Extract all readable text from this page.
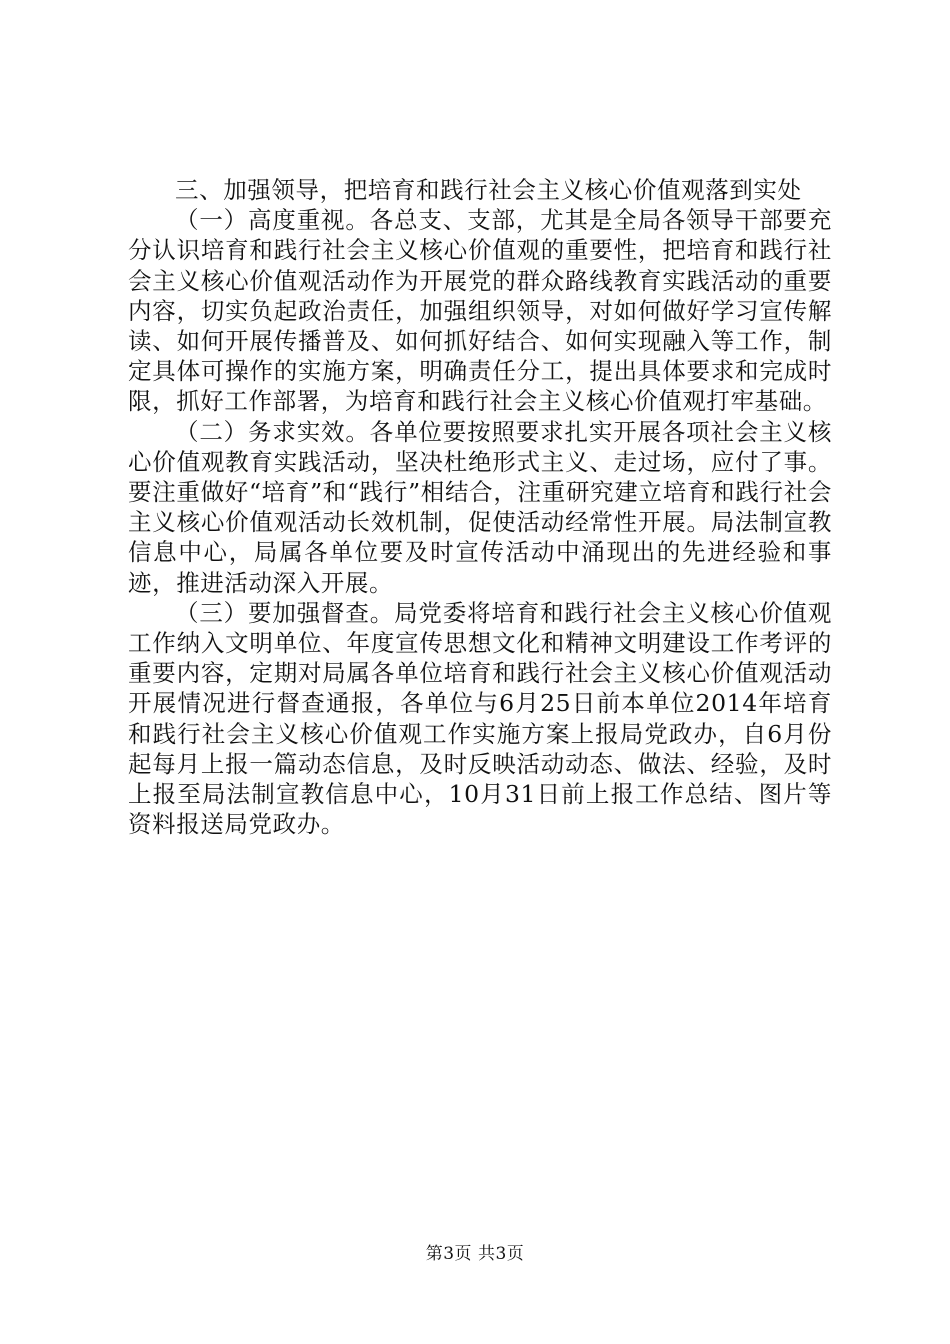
三、加强领导，把培育和践行社会主义核心价值观落到实处

（一）高度重视。各总支、支部，尤其是全局各领导干部要充分认识培育和践行社会主义核心价值观的重要性，把培育和践行社会主义核心价值观活动作为开展党的群众路线教育实践活动的重要内容，切实负起政治责任，加强组织领导，对如何做好学习宣传解读、如何开展传播普及、如何抓好结合、如何实现融入等工作，制定具体可操作的实施方案，明确责任分工，提出具体要求和完成时限，抓好工作部署，为培育和践行社会主义核心价值观打牢基础。

（二）务求实效。各单位要按照要求扎实开展各项社会主义核心价值观教育实践活动，坚决杜绝形式主义、走过场，应付了事。要注重做好“培育”和“践行”相结合，注重研究建立培育和践行社会主义核心价值观活动长效机制，促使活动经常性开展。局法制宣教信息中心，局属各单位要及时宣传活动中涌现出的先进经验和事迹，推进活动深入开展。

（三）要加强督查。局党委将培育和践行社会主义核心价值观工作纳入文明单位、年度宣传思想文化和精神文明建设工作考评的重要内容，定期对局属各单位培育和践行社会主义核心价值观活动开展情况进行督查通报，各单位与6月25日前本单位2014年培育和践行社会主义核心价值观工作实施方案上报局党政办，自6月份起每月上报一篇动态信息，及时反映活动动态、做法、经验，及时上报至局法制宣教信息中心，10月31日前上报工作总结、图片等资料报送局党政办。

第3页 共3页
